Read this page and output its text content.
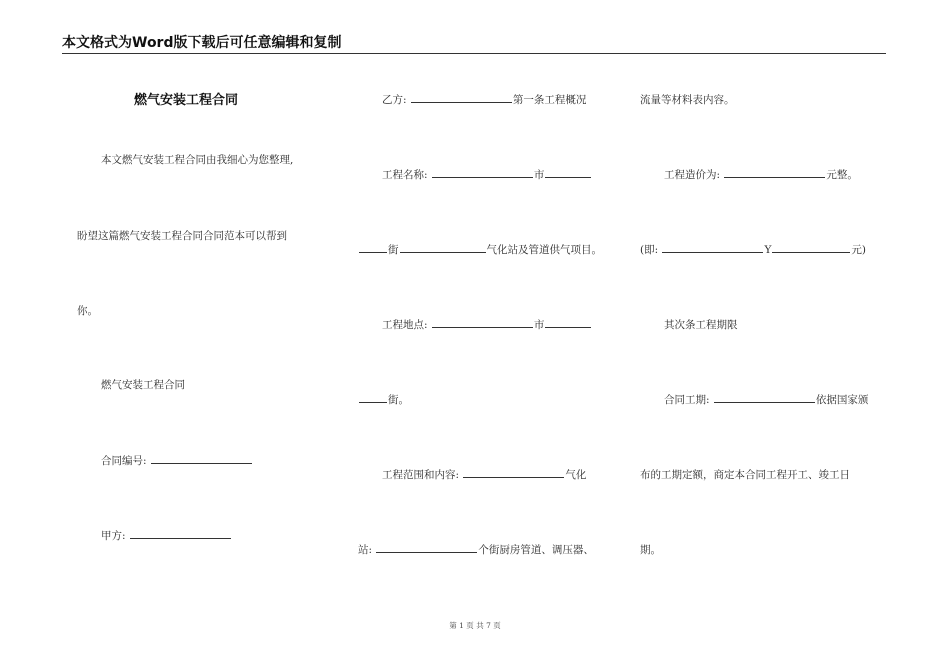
本文格式为Word版下载后可任意编辑和复制
燃气安装工程合同
本文燃气安装工程合同由我细心为您整理,
盼望这篇燃气安装工程合同合同范本可以帮到
你。
燃气安装工程合同
合同编号:
甲方:
乙方:	第一条工程概况
工程名称:	市
街	气化站及管道供气项目。
工程地点:	市
街。
工程范围和内容:	气化
站:	个街厨房管道、调压器、
流量等材料表内容。
工程造价为:	元整。
(即:	Y	元)
其次条工程期限
合同工期:	依据国家颁
布的工期定额，商定本合同工程开工、竣工日
期。
第 1 页 共 7 页
